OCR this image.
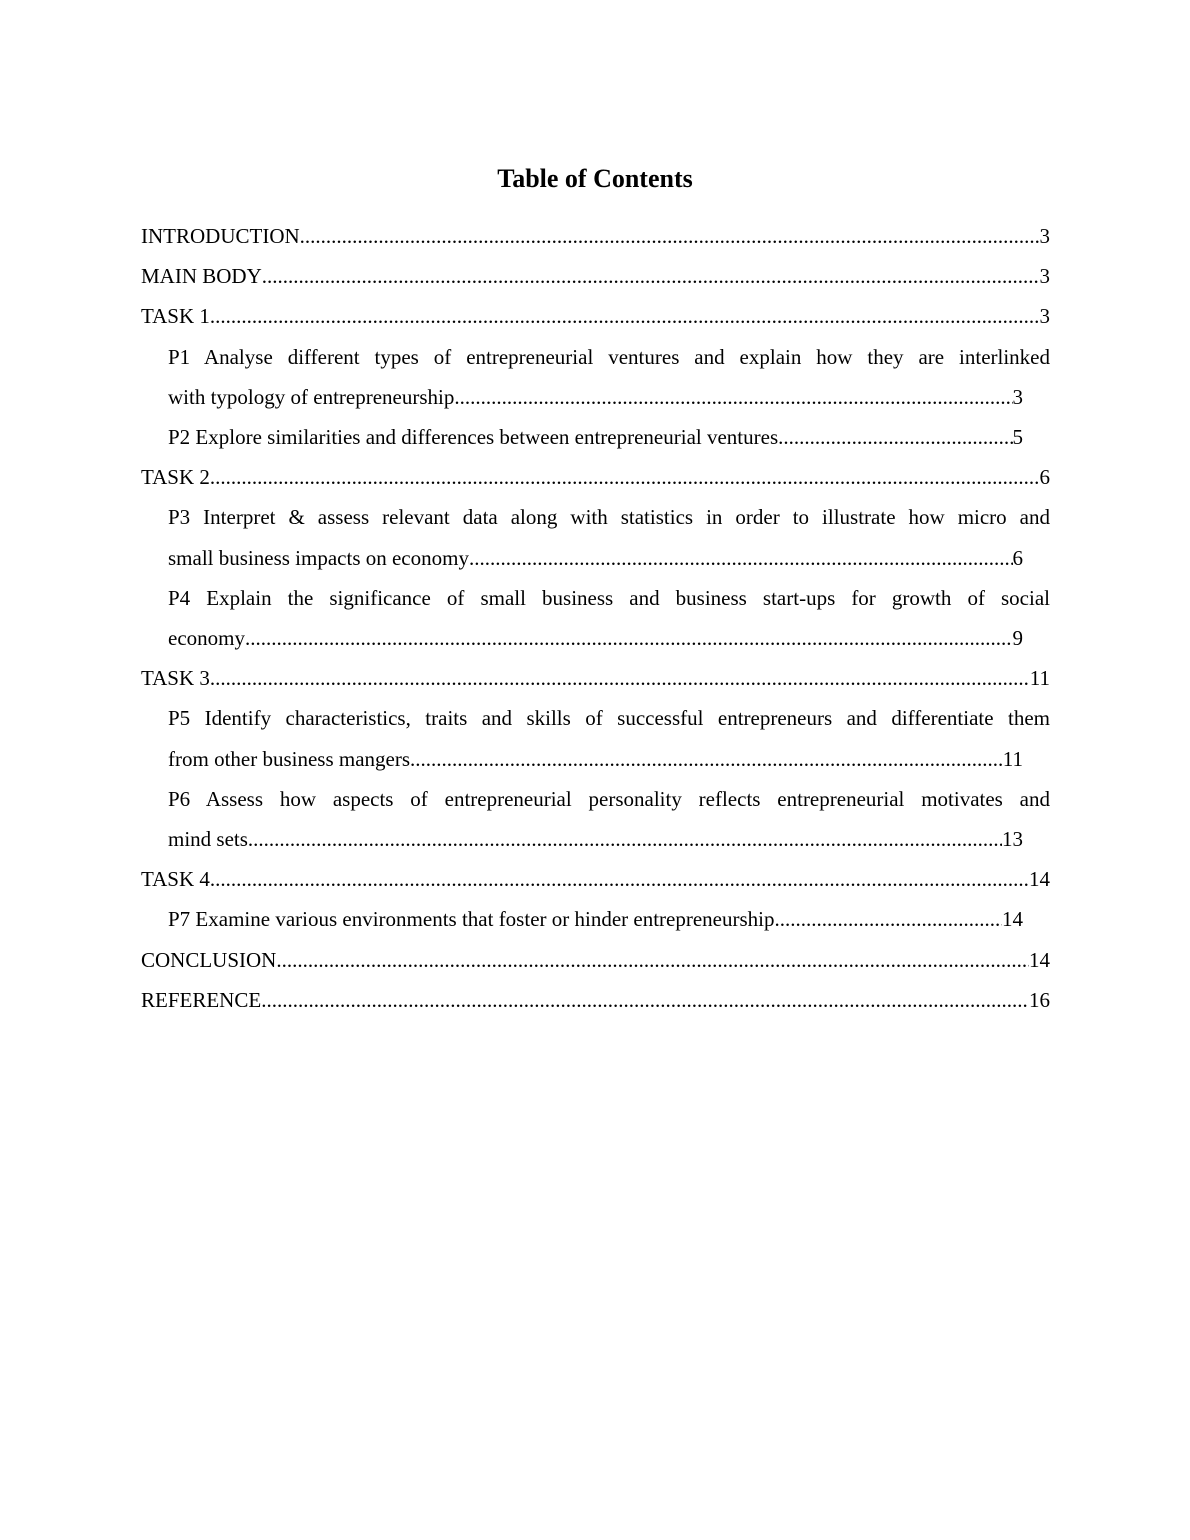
Table of Contents
INTRODUCTION .....	3
MAIN BODY .....	3
TASK 1 .....	3
P1 Analyse different types of entrepreneurial ventures and explain how they are interlinked
with typology of entrepreneurship .....	3
P2 Explore similarities and differences between entrepreneurial ventures .....	5
TASK 2 .....	6
P3 Interpret & assess relevant data along with statistics in order to illustrate how micro and
small business impacts on economy .....	6
P4 Explain the significance of small business and business start-ups for growth of social
economy .....	9
TASK 3 .....	11
P5 Identify characteristics, traits and skills of successful entrepreneurs and differentiate them
from other business mangers .....	11
P6 Assess how aspects of entrepreneurial personality reflects entrepreneurial motivates and
mind sets .....	13
TASK 4 .....	14
P7 Examine various environments that foster or hinder entrepreneurship .....	14
CONCLUSION .....	14
REFERENCE .....	16
